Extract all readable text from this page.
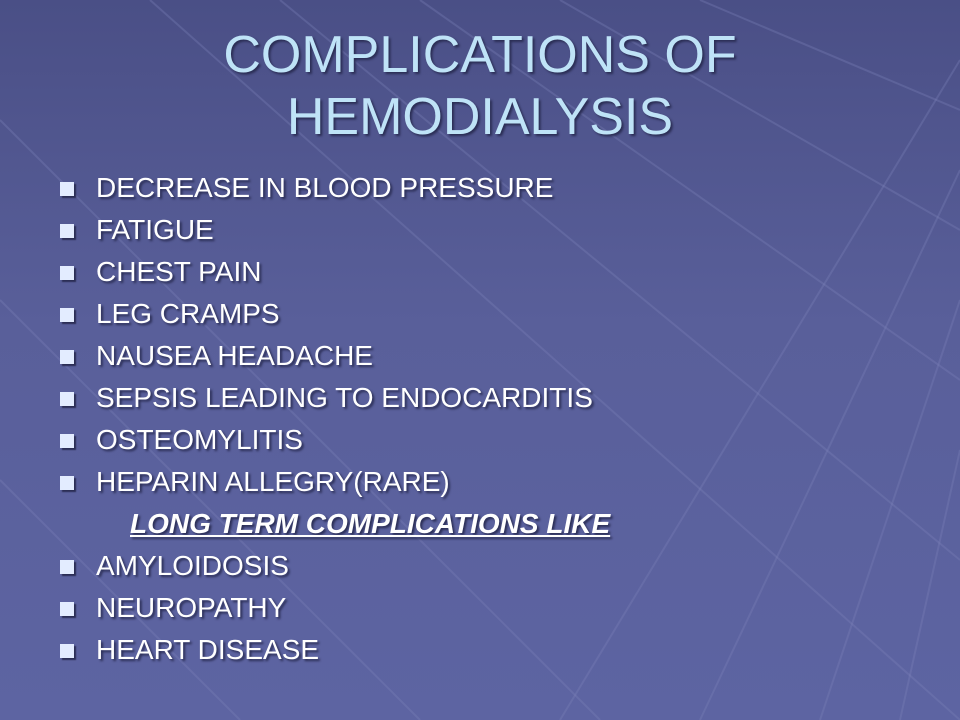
COMPLICATIONS OF
HEMODIALYSIS
DECREASE IN BLOOD PRESSURE
FATIGUE
CHEST PAIN
LEG CRAMPS
NAUSEA HEADACHE
SEPSIS LEADING TO ENDOCARDITIS
OSTEOMYLITIS
HEPARIN ALLEGRY(RARE)
LONG TERM COMPLICATIONS LIKE
AMYLOIDOSIS
NEUROPATHY
HEART DISEASE
